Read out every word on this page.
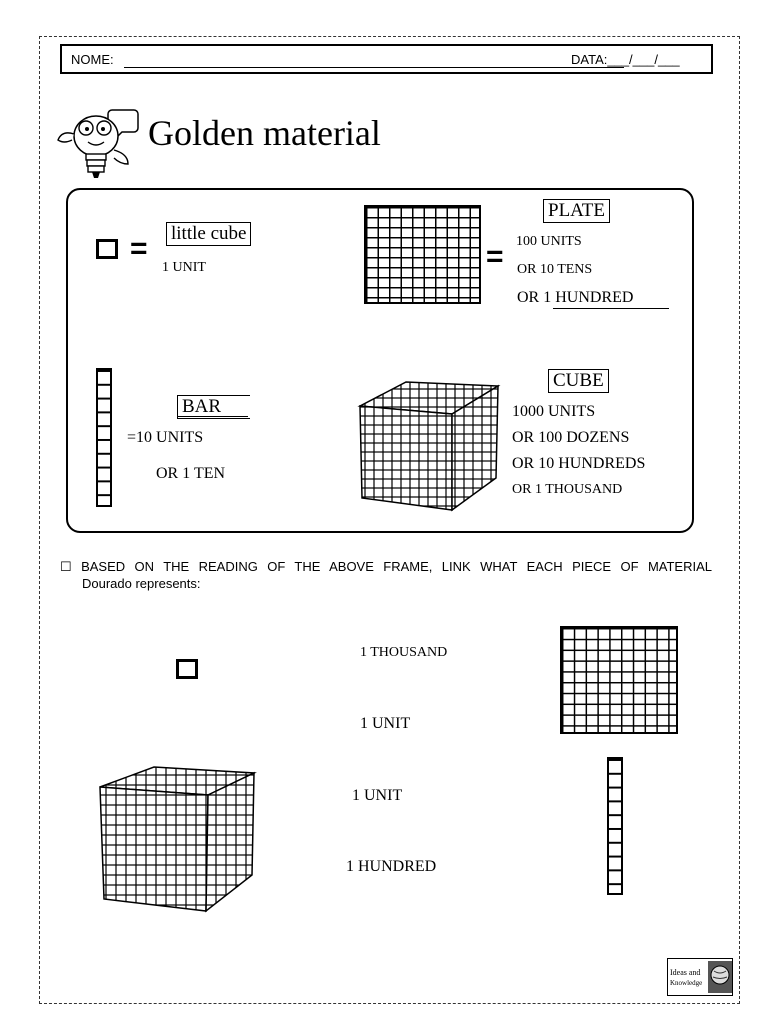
NOME:	DATA:___/___/___
Golden material
= little cube
1 UNIT	=
PLATE
100 UNITS
OR 10 TENS
OR 1 HUNDRED
BAR
=10 UNITS
OR 1 TEN
CUBE
1000 UNITS
OR 100 DOZENS
OR 10 HUNDREDS
OR 1 THOUSAND
☐ BASED ON THE READING OF THE ABOVE FRAME, LINK WHAT EACH PIECE OF MATERIAL
Dourado represents:
1 THOUSAND
1 UNIT
1 UNIT
1 HUNDRED
Ideas and
Knowledge
